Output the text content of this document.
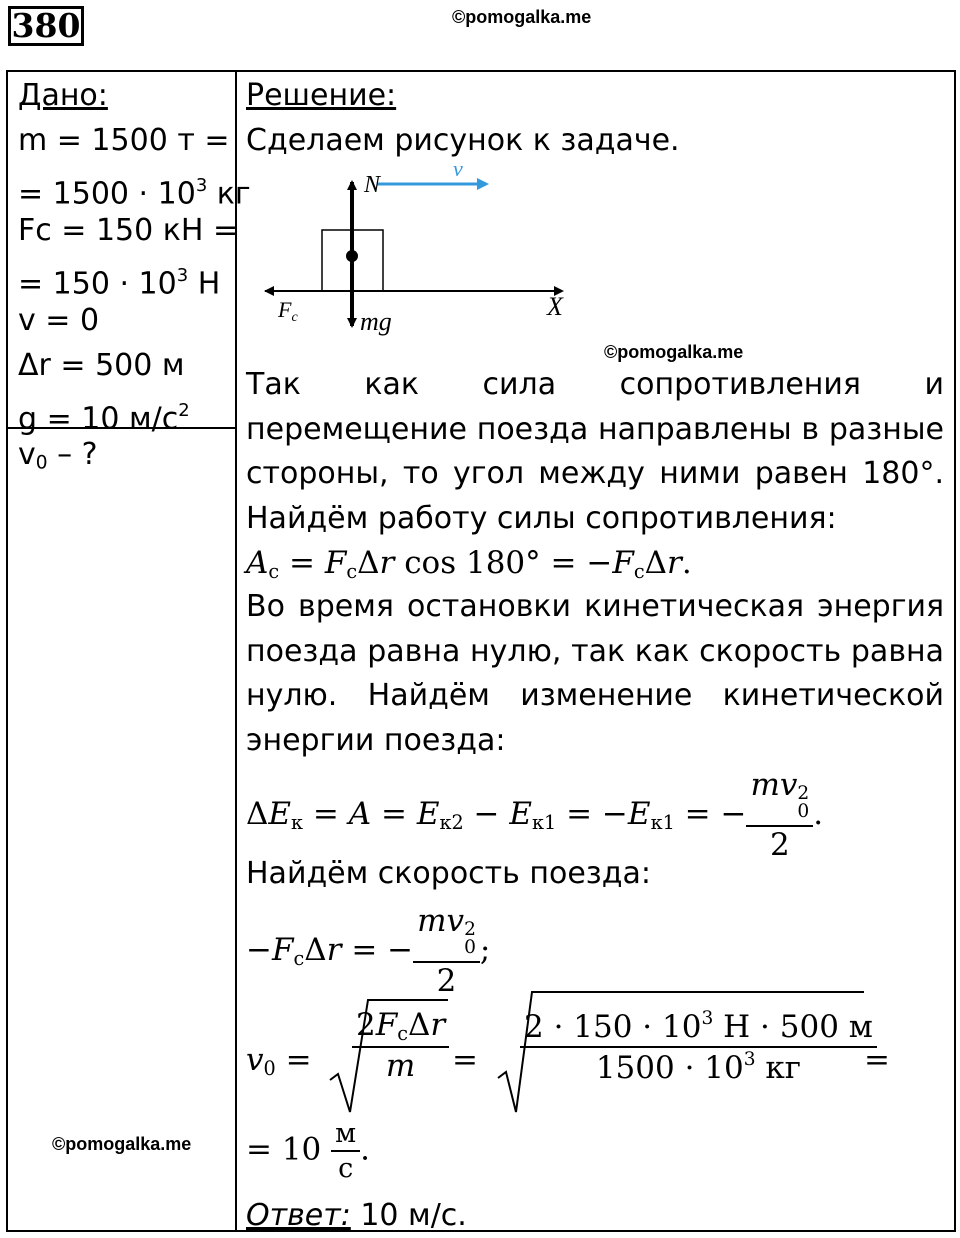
380	©pomogalka.me
Дано:
m = 1500 т =
= $1500 \cdot 10^3$ кг
Fc = 150 кН =
= $150 \cdot 10^3$ Н
v = 0
Δr = 500 м
g = 10 $м/с^2$
$v_0$ – ?
©pomogalka.me
Решение:
Сделаем рисунок к задаче.
N
v
Fc mg
X
©pomogalka.me
Так как сила сопротивления и перемещение поезда направлены в разные стороны, то угол между ними равен 180°. Найдём работу силы сопротивления:
$A_c = F_c\Delta r$ $\cos 180^\circ = -F_c\Delta r$.
Во время остановки кинетическая энергия поезда равна нулю, так как скорость равна нулю. Найдём изменение кинетической энергии поезда:
$\Delta E_к = A = E_{к2} - E_{к1} = -E_{к1}$ = − mv 2
0
2 .
Найдём скорость поезда:
$-F_c\Delta r$ = − mv 2
0
2 ;
$v_0 = \frac{2F_c\Delta r}{m} = \frac{2 \cdot 150 \cdot 10^3 Н \cdot 500 м}{1500 \cdot 10^3 кг}$
=
= $10 \frac{м}{с}$ .
Ответ: 10 м/с.
